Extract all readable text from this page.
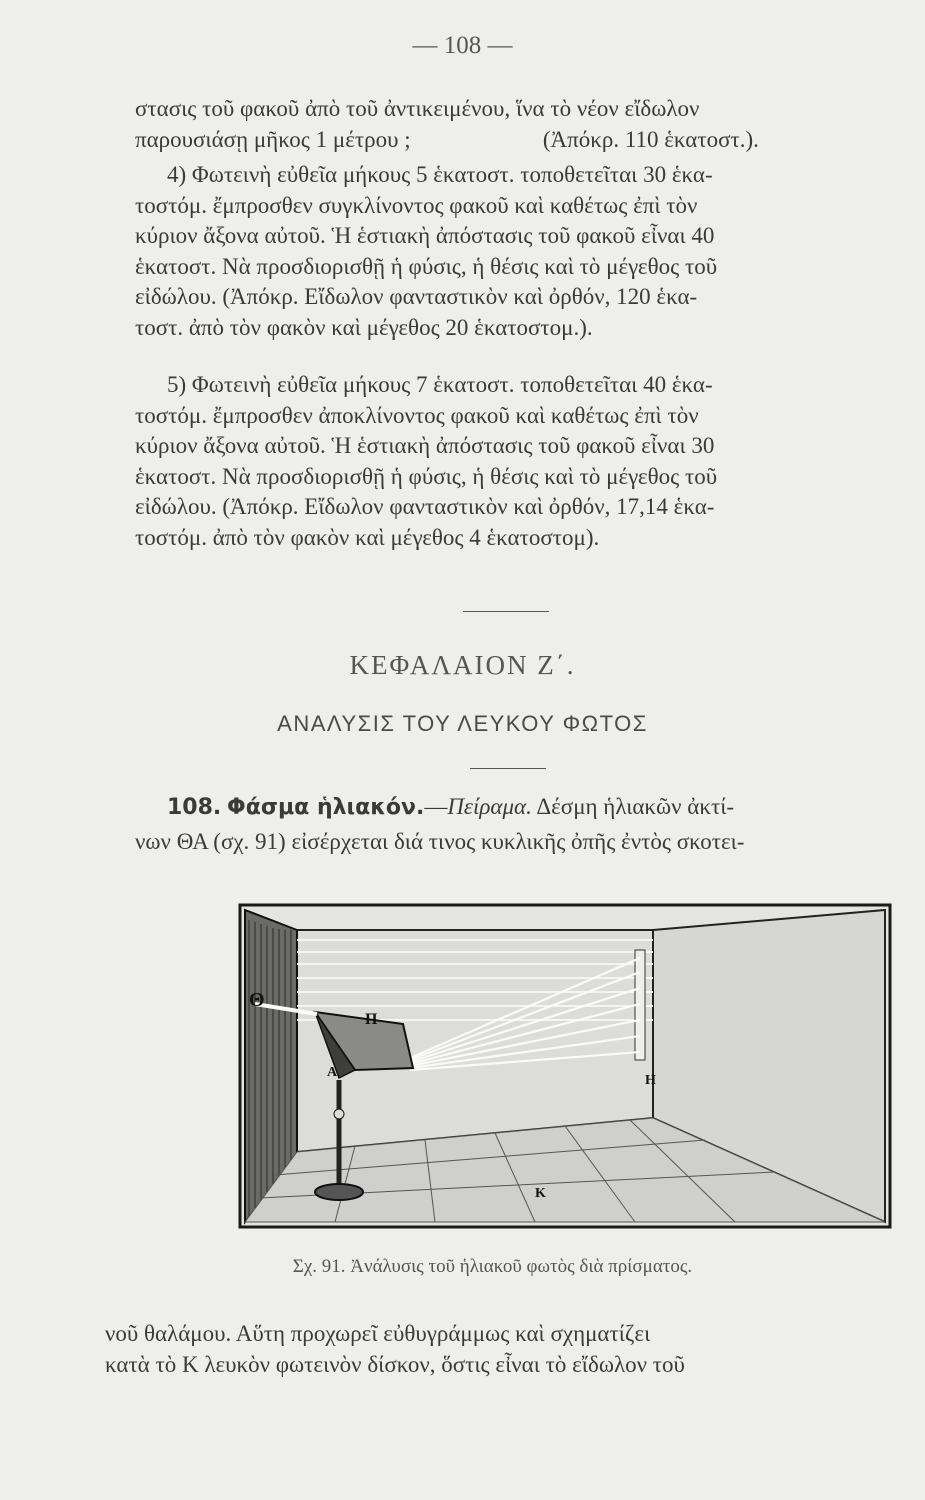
— 108 —
στασις τοῦ φακοῦ ἀπὸ τοῦ ἀντικειμένου, ἵνα τὸ νέον εἴδωλον
παρουσιάσῃ μῆκος 1 μέτρου ;                       (Ἀπόκρ. 110 ἑκατοστ.).
4) Φωτεινὴ εὐθεῖα μήκους 5 ἑκατοστ. τοποθετεῖται 30 ἑκα-
τοστόμ. ἔμπροσθεν συγκλίνοντος φακοῦ καὶ καθέτως ἐπὶ τὸν
κύριον ἄξονα αὐτοῦ. Ἡ ἑστιακὴ ἀπόστασις τοῦ φακοῦ εἶναι 40
ἑκατοστ. Νὰ προσδιορισθῇ ἡ φύσις, ἡ θέσις καὶ τὸ μέγεθος τοῦ
εἰδώλου. (Ἀπόκρ. Εἴδωλον φανταστικὸν καὶ ὀρθόν, 120 ἑκα-
τοστ. ἀπὸ τὸν φακὸν καὶ μέγεθος 20 ἑκατοστομ.).
5) Φωτεινὴ εὐθεῖα μήκους 7 ἑκατοστ. τοποθετεῖται 40 ἑκα-
τοστόμ. ἔμπροσθεν ἀποκλίνοντος φακοῦ καὶ καθέτως ἐπὶ τὸν
κύριον ἄξονα αὐτοῦ. Ἡ ἑστιακὴ ἀπόστασις τοῦ φακοῦ εἶναι 30
ἑκατοστ. Νὰ προσδιορισθῇ ἡ φύσις, ἡ θέσις καὶ τὸ μέγεθος τοῦ
εἰδώλου. (Ἀπόκρ. Εἴδωλον φανταστικὸν καὶ ὀρθόν, 17,14 ἑκα-
τοστόμ. ἀπὸ τὸν φακὸν καὶ μέγεθος 4 ἑκατοστομ).
ΚΕΦΑΛΑΙΟΝ Ζ΄.
ΑΝΑΛΥΣΙΣ ΤΟΥ ΛΕΥΚΟΥ ΦΩΤΟΣ
108. Φάσμα ἡλιακόν.—Πείραμα. Δέσμη ἡλιακῶν ἀκτί-
νων ΘΑ (σχ. 91) εἰσέρχεται διά τινος κυκλικῆς ὀπῆς ἐντὸς σκοτει-
Θ
Π
Α
Η
Κ
Σχ. 91. Ἀνάλυσις τοῦ ἡλιακοῦ φωτὸς διὰ πρίσματος.
νοῦ θαλάμου. Αὕτη προχωρεῖ εὐθυγράμμως καὶ σχηματίζει
κατὰ τὸ Κ λευκὸν φωτεινὸν δίσκον, ὅστις εἶναι τὸ εἴδωλον τοῦ
